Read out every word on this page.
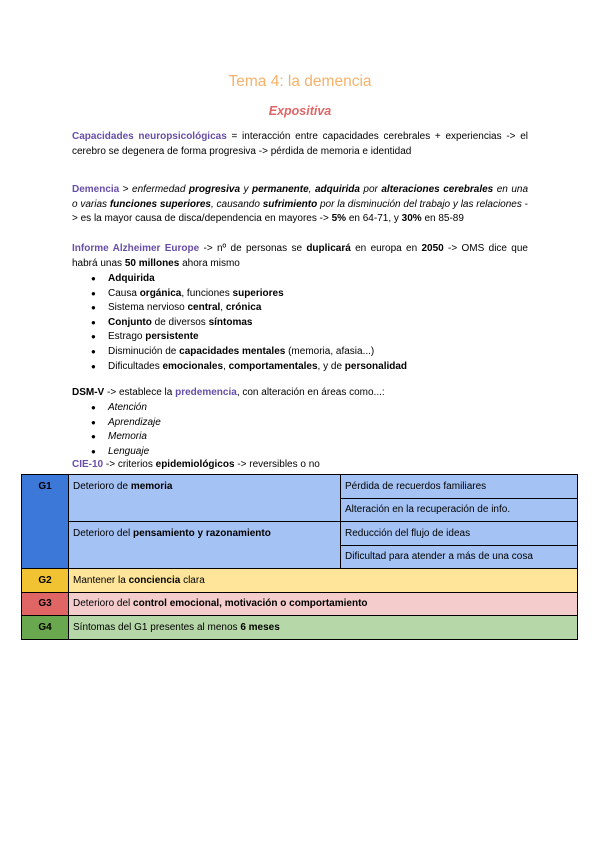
Tema 4: la demencia
Expositiva
Capacidades neuropsicológicas = interacción entre capacidades cerebrales + experiencias -> el cerebro se degenera de forma progresiva -> pérdida de memoria e identidad
Demencia > enfermedad progresiva y permanente, adquirida por alteraciones cerebrales en una o varias funciones superiores, causando sufrimiento por la disminución del trabajo y las relaciones -> es la mayor causa de disca/dependencia en mayores -> 5% en 64-71, y 30% en 85-89
Informe Alzheimer Europe -> nº de personas se duplicará en europa en 2050 -> OMS dice que habrá unas 50 millones ahora mismo
● Adquirida
● Causa orgánica, funciones superiores
● Sistema nervioso central, crónica
● Conjunto de diversos síntomas
● Estrago persistente
● Disminución de capacidades mentales (memoria, afasia...)
● Dificultades emocionales, comportamentales, y de personalidad
DSM-V -> establece la predemencia, con alteración en áreas como...:
● Atención
● Aprendizaje
● Memoria
● Lenguaje
CIE-10 -> criterios epidemiológicos -> reversibles o no
G1	Deterioro de memoria	Pérdida de recuerdos familiares
		Alteración en la recuperación de info.
	Deterioro del pensamiento y razonamiento	Reducción del flujo de ideas
		Dificultad para atender a más de una cosa
G2	Mantener la conciencia clara	
G3	Deterioro del control emocional, motivación o comportamiento	
G4	Síntomas del G1 presentes al menos 6 meses	
